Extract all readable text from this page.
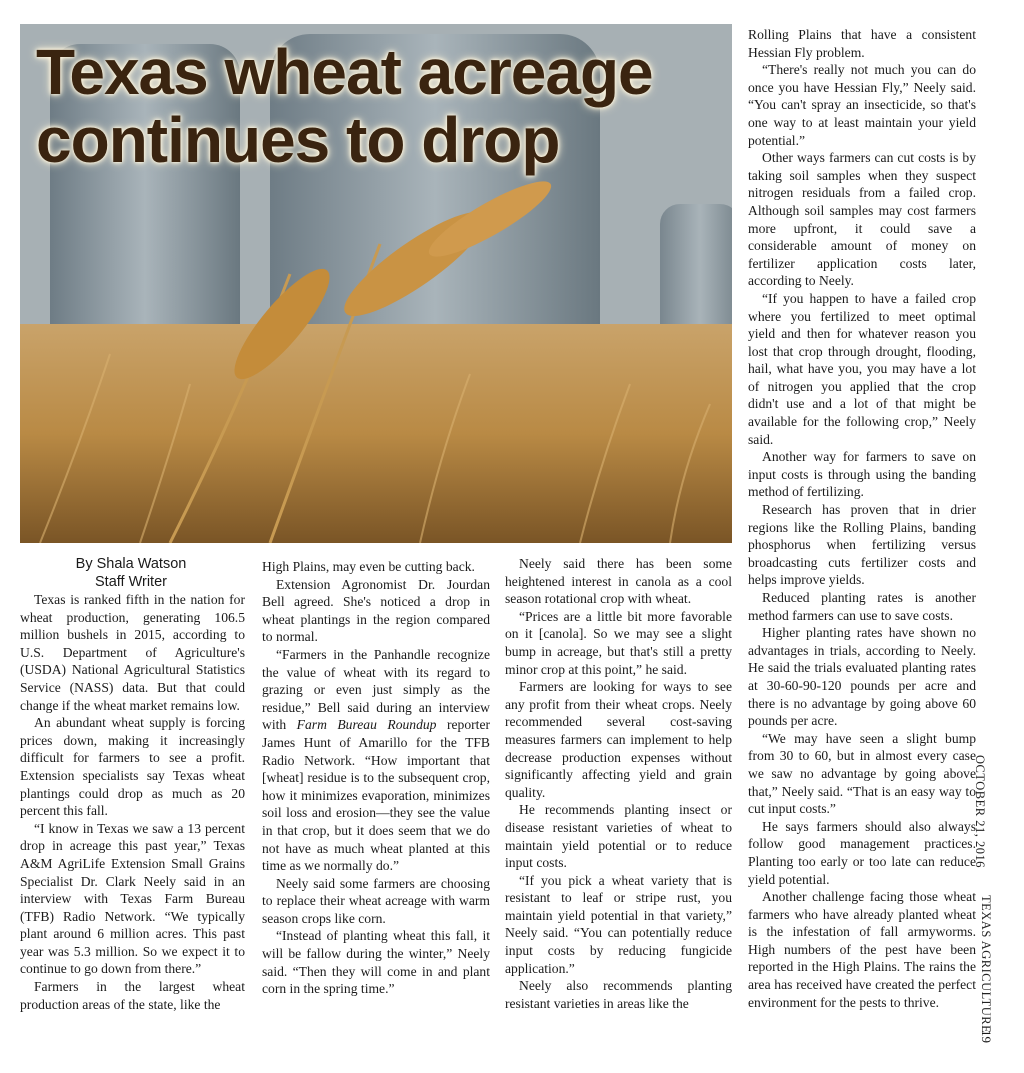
Texas wheat acreage
continues to drop
By Shala Watson
Staff Writer

Texas is ranked fifth in the nation for wheat production, generating 106.5 million bushels in 2015, according to U.S. Department of Agriculture's (USDA) National Agricultural Statistics Service (NASS) data. But that could change if the wheat market remains low.

An abundant wheat supply is forcing prices down, making it increasingly difficult for farmers to see a profit. Extension specialists say Texas wheat plantings could drop as much as 20 percent this fall.

“I know in Texas we saw a 13 percent drop in acreage this past year,” Texas A&M AgriLife Extension Small Grains Specialist Dr. Clark Neely said in an interview with Texas Farm Bureau (TFB) Radio Network. “We typically plant around 6 million acres. This past year was 5.3 million. So we expect it to continue to go down from there.”

Farmers in the largest wheat production areas of the state, like the

High Plains, may even be cutting back.

Extension Agronomist Dr. Jourdan Bell agreed. She's noticed a drop in wheat plantings in the region compared to normal.

“Farmers in the Panhandle recognize the value of wheat with its regard to grazing or even just simply as the residue,” Bell said during an interview with Farm Bureau Roundup reporter James Hunt of Amarillo for the TFB Radio Network. “How important that [wheat] residue is to the subsequent crop, how it minimizes evaporation, minimizes soil loss and erosion—they see the value in that crop, but it does seem that we do not have as much wheat planted at this time as we normally do.”

Neely said some farmers are choosing to replace their wheat acreage with warm season crops like corn.

“Instead of planting wheat this fall, it will be fallow during the winter,” Neely said. “Then they will come in and plant corn in the spring time.”

Neely said there has been some heightened interest in canola as a cool season rotational crop with wheat.

“Prices are a little bit more favorable on it [canola]. So we may see a slight bump in acreage, but that's still a pretty minor crop at this point,” he said.

Farmers are looking for ways to see any profit from their wheat crops. Neely recommended several cost-saving measures farmers can implement to help decrease production expenses without significantly affecting yield and grain quality.

He recommends planting insect or disease resistant varieties of wheat to maintain yield potential or to reduce input costs.

“If you pick a wheat variety that is resistant to leaf or stripe rust, you maintain yield potential in that variety,” Neely said. “You can potentially reduce input costs by reducing fungicide application.”

Neely also recommends planting resistant varieties in areas like the

Rolling Plains that have a consistent Hessian Fly problem.

“There's really not much you can do once you have Hessian Fly,” Neely said. “You can't spray an insecticide, so that's one way to at least maintain your yield potential.”

Other ways farmers can cut costs is by taking soil samples when they suspect nitrogen residuals from a failed crop. Although soil samples may cost farmers more upfront, it could save a considerable amount of money on fertilizer application costs later, according to Neely.

“If you happen to have a failed crop where you fertilized to meet optimal yield and then for whatever reason you lost that crop through drought, flooding, hail, what have you, you may have a lot of nitrogen you applied that the crop didn't use and a lot of that might be available for the following crop,” Neely said.

Another way for farmers to save on input costs is through using the banding method of fertilizing.

Research has proven that in drier regions like the Rolling Plains, banding phosphorus when fertilizing versus broadcasting cuts fertilizer costs and helps improve yields.

Reduced planting rates is another method farmers can use to save costs.

Higher planting rates have shown no advantages in trials, according to Neely. He said the trials evaluated planting rates at 30-60-90-120 pounds per acre and there is no advantage by going above 60 pounds per acre.

“We may have seen a slight bump from 30 to 60, but in almost every case we saw no advantage by going above that,” Neely said. “That is an easy way to cut input costs.”

He says farmers should also always follow good management practices. Planting too early or too late can reduce yield potential.

Another challenge facing those wheat farmers who have already planted wheat is the infestation of fall armyworms. High numbers of the pest have been reported in the High Plains. The rains the area has received have created the perfect environment for the pests to thrive.

OCTOBER 21, 2016
TEXAS AGRICULTURE
19
